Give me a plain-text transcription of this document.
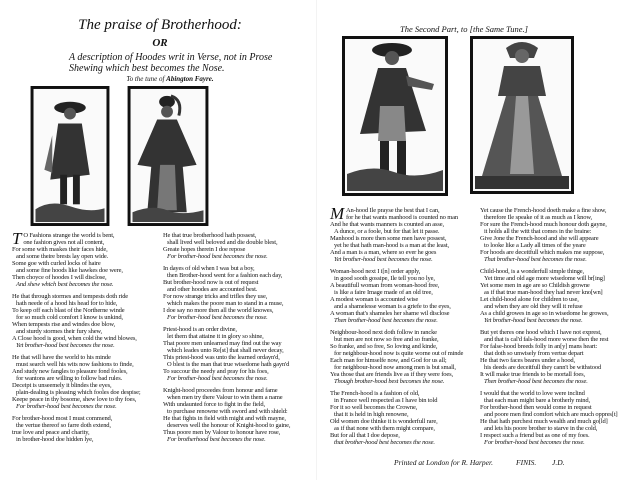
The praise of Brotherhood:
OR
A description of Hoodes writ in Verse, not in Prose
Shewing which best becomes the Nose.
To the tune of Abington Fayre.
The Second Part, to [the Same Tune.]
T O Fashions strange the world is bent,
one fashion gives not all content,
For some with maskes their faces hide,
and some theire brests lay open wide.
Some goe with curled locks of haire
and some fine hoods like hawkes doe were,
Then choyce of hoodes I will disclose,
And shew which best becomes the nose.
He that through stormes and tempests doth ride
hath neede of a hood his head for to hide,
To keep off each blast of the Northerne winde
for so much cold comfort I know is unkind,
When tempests rise and windes doe blow,
and sturdy stormes their fury shew,
A Close hood is good, when cold the wind blowes,
Yet brother-hood best becomes the nose.
He that will have the world to his minde
must search well his wits now fashions to finde,
And study new fangles to pleasure fond fooles,
for wantons are willing to follow bad rules.
Deceipt is unseemely it blindes the eyes,
plain-dealing is pleasing which fooles doe despise;
Keepe peace in thy bosome, shew love to thy foes,
For brother-hood best becomes the nose.
For brother-hood most I must commend,
the vertue thereof so farre doth extend,
true love and peace and charity,
in brother-hood doe hidden lye,
He that true brotherhood hath possest,
shall lived well beloved and die double blest,
Greate hopes therein I doe repose
For brother-hood best becomes the nose.
In dayes of old when I was but a boy,
then Brother-hood went for a fashion each day,
But brother-hood now is out of request
and other hoodes are accounted best.
For now strange tricks and trifles they use,
which makes the poore man to stand in a muse,
I doe say no more then all the world knowes,
For brother-hood best becomes the nose.
Priest-hood is an order divine,
let them that attaine it in glory so shine,
That poore men unlearned may find out the way
which leades unto Re[st] that shall never decay,
This priest-hood was unto the learned ordayn'd,
O blest is the man that true wisedome hath gayn'd
To succour the needy and pray for his foes,
For brother-hood best becomes the nose.
Knight-hood proceedes from honour and fame
when men try there Valour to win them a name
With undaunted force to fight in the field,
to purchase renowne with sword and with shield:
He that fights in field with might and with mayne,
deserves well the honour of Knight-hood to gaine,
Thus poore men by Valour to honour have rose,
For brotherhood best becomes the nose.
M An-hood Ile prayse the best that I can,
for he that wants manhood is counted no man
And he that wants manners is counted an asse,
A dunce, or a foole, but for that let it passe.
Manhood is more then some men have possest,
yet he that hath man-hood is a man at the least,
And a man is a man, where so ever he goes
Yet brother-hood best becomes the nose.
Woman-hood next I i[n] order apply,
in good sooth gossipe, Ile tell you no lye,
A beautifull woman from woman-hood free,
is like a faire Image made of an old tree,
A modest woman is accounted wise
and a shamelesse woman is a griefe to the eyes,
A woman that's shameles her shame wil disclose
Then brother-hood best becomes the nose.
Neighbour-hood next doth follow in rancke
but men are not now so free and so franke,
So franke, and so free, So loving and kinde,
for neighbour-hood now is quite worne out of minde
Each man for himselfe now, and God for us all;
for neighbour-hood now among men is but small,
Yea those that are friends live as if they were foes,
Though brother-hood best becomes the nose.
The French-hood is a fashion of old,
in France well respected as I have bin told
For it so well becomes the Crowne,
that it is held in high renowne,
Old women doe thinke it is wonderfull rare,
as if that none with them might compare,
But for all that I doe depose,
that brother-hood best becomes the nose.
Yet cause the French-hood doeth make a fine show,
therefore Ile speake of it as much as I know,
For sure the French-hood much honour doth gayne,
it holds all the witt that comes in the braine:
Give Jone the French-hood and she will appeare
to looke like a Lady all times of the yeare
For hoods are deceitfull which makes me suppose,
That brother-hood best becomes the nose.
Child-hood, is a wonderfull simple thinge,
Yet time and old age more wisedome will br[ing]
Yet some men in age are so Childish growne
as if that true man-hood they had never kno[wn]
Let child-hood alone for children to use,
and when they are old they will it refuse
As a child growes in age so in wisedome he growes,
Yet brother-hood best becomes the nose.
But yet theres one hood which I have not exprest,
and that is cal'd fals-hood more worse then the rest
For false-hood breeds folly in an[y] mans heart:
that doth so unwisely from vertue depart
He that two faces beares under a hood,
his deeds are deceitfull they cann't be withstood
It will make true friends to be mortall foes,
Then brother-hood best becomes the nose.
I would that the world to love were inclind
that each man might bare a brotherly mind,
For brother-hood then would come in request
and poore men find comfort which are much oppres[t]
He that hath purchest much wealth and much go[ld]
and lets his poore brother to starve in the cold,
I respect such a friend but as one of my foes.
For brother-hood best becomes the nose.
Printed at London for R. Harper.	FINIS. J.D.
